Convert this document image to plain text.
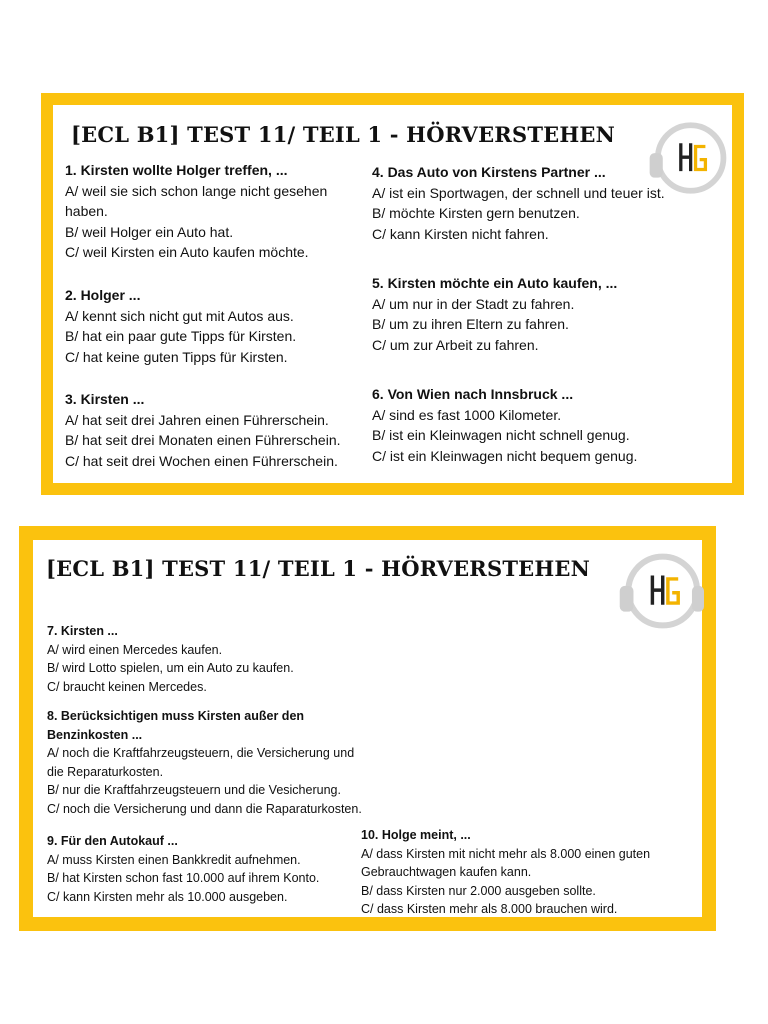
[ECL B1] TEST 11/ TEIL 1 - HÖRVERSTEHEN
1. Kirsten wollte Holger treffen, ...
A/ weil sie sich schon lange nicht gesehen
haben.
B/ weil Holger ein Auto hat.
C/ weil Kirsten ein Auto kaufen möchte.
2. Holger ...
A/ kennt sich nicht gut mit Autos aus.
B/ hat ein paar gute Tipps für Kirsten.
C/ hat keine guten Tipps für Kirsten.
3. Kirsten ...
A/ hat seit drei Jahren einen Führerschein.
B/ hat seit drei Monaten einen Führerschein.
C/ hat seit drei Wochen einen Führerschein.
4. Das Auto von Kirstens Partner ...
A/ ist ein Sportwagen, der schnell und teuer ist.
B/ möchte Kirsten gern benutzen.
C/ kann Kirsten nicht fahren.
5. Kirsten möchte ein Auto kaufen, ...
A/ um nur in der Stadt zu fahren.
B/ um zu ihren Eltern zu fahren.
C/ um zur Arbeit zu fahren.
6. Von Wien nach Innsbruck ...
A/ sind es fast 1000 Kilometer.
B/ ist ein Kleinwagen nicht schnell genug.
C/ ist ein Kleinwagen nicht bequem genug.
[ECL B1] TEST 11/ TEIL 1 - HÖRVERSTEHEN
7. Kirsten ...
A/ wird einen Mercedes kaufen.
B/ wird Lotto spielen, um ein Auto zu kaufen.
C/ braucht keinen Mercedes.
8. Berücksichtigen muss Kirsten außer den
Benzinkosten ...
A/ noch die Kraftfahrzeugsteuern, die Versicherung und
die Reparaturkosten.
B/ nur die Kraftfahrzeugsteuern und die Vesicherung.
C/ noch die Versicherung und dann die Raparaturkosten.
9. Für den Autokauf ...
A/ muss Kirsten einen Bankkredit aufnehmen.
B/ hat Kirsten schon fast 10.000 auf ihrem Konto.
C/ kann Kirsten mehr als 10.000 ausgeben.
10. Holge meint, ...
A/ dass Kirsten mit nicht mehr als 8.000 einen guten
Gebrauchtwagen kaufen kann.
B/ dass Kirsten nur 2.000 ausgeben sollte.
C/ dass Kirsten mehr als 8.000 brauchen wird.
